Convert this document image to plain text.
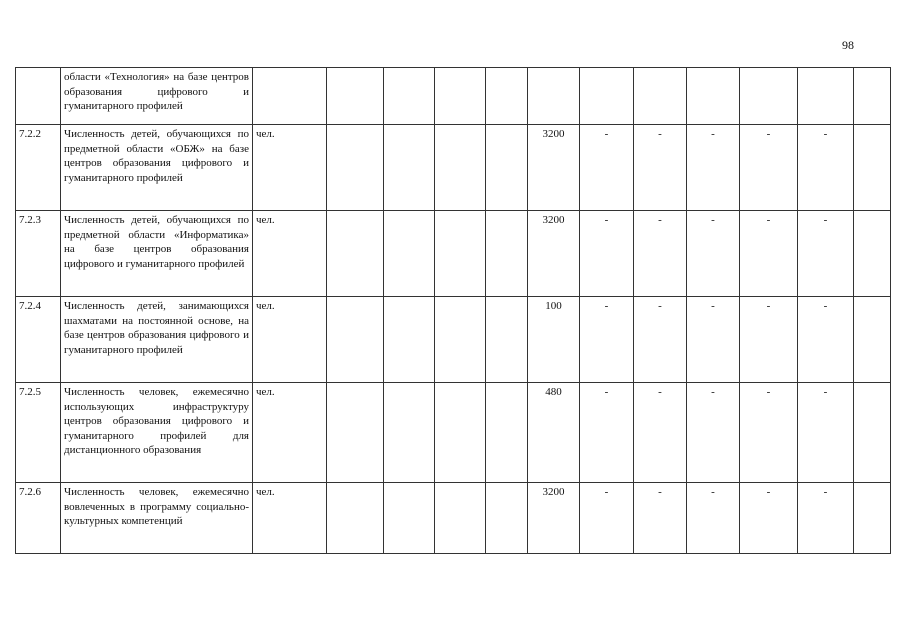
98
	области «Технология» на базе центров образования цифрового и гуманитарного профилей												
7.2.2	Численность детей, обучающихся по предметной области «ОБЖ» на базе центров образования цифрового и гуманитарного профилей	чел.					3200	-	-	-	-	-	
7.2.3	Численность детей, обучающихся по предметной области «Информатика» на базе центров образования цифрового и гуманитарного профилей	чел.					3200	-	-	-	-	-	
7.2.4	Численность детей, занимающихся шахматами на постоянной основе, на базе центров образования цифрового и гуманитарного профилей	чел.					100	-	-	-	-	-	
7.2.5	Численность человек, ежемесячно использующих инфраструктуру центров образования цифрового и гуманитарного профилей для дистанционного образования	чел.					480	-	-	-	-	-	
7.2.6	Численность человек, ежемесячно вовлеченных в программу социально-культурных компетенций	чел.					3200	-	-	-	-	-	
